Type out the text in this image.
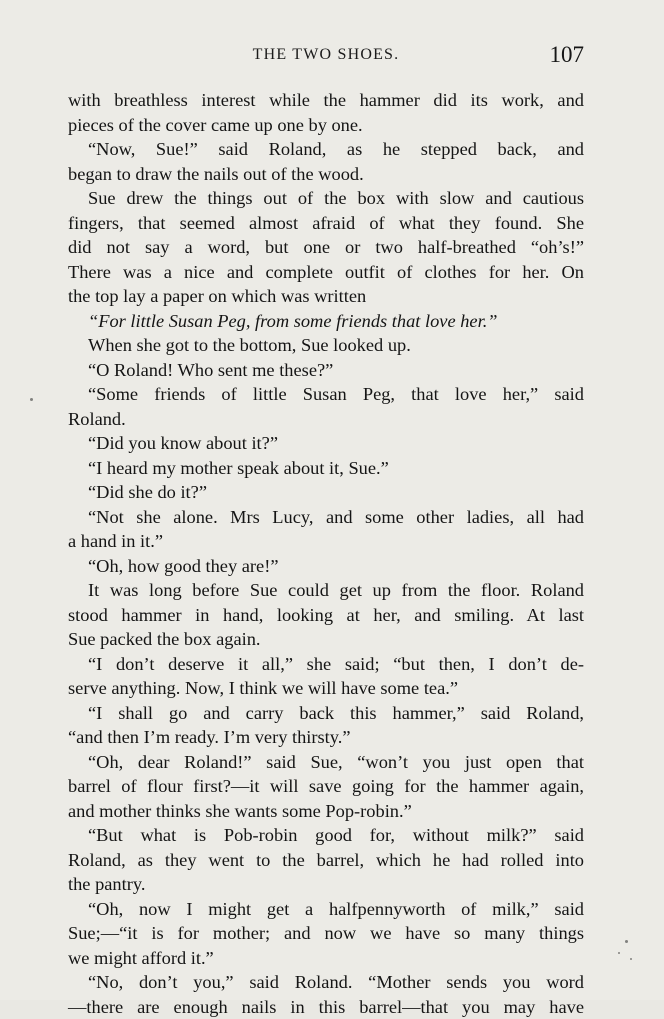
THE TWO SHOES.	107
with breathless interest while the hammer did its work, and
pieces of the cover came up one by one.
“Now, Sue!” said Roland, as he stepped back, and
began to draw the nails out of the wood.
Sue drew the things out of the box with slow and cautious
fingers, that seemed almost afraid of what they found. She
did not say a word, but one or two half-breathed “oh’s!”
There was a nice and complete outfit of clothes for her. On
the top lay a paper on which was written
“For little Susan Peg, from some friends that love her.”
When she got to the bottom, Sue looked up.
“O Roland! Who sent me these?”
“Some friends of little Susan Peg, that love her,” said
Roland.
“Did you know about it?”
“I heard my mother speak about it, Sue.”
“Did she do it?”
“Not she alone. Mrs Lucy, and some other ladies, all had
a hand in it.”
“Oh, how good they are!”
It was long before Sue could get up from the floor. Roland
stood hammer in hand, looking at her, and smiling. At last
Sue packed the box again.
“I don’t deserve it all,” she said; “but then, I don’t de-
serve anything. Now, I think we will have some tea.”
“I shall go and carry back this hammer,” said Roland,
“and then I’m ready. I’m very thirsty.”
“Oh, dear Roland!” said Sue, “won’t you just open that
barrel of flour first?—it will save going for the hammer again,
and mother thinks she wants some Pop-robin.”
“But what is Pob-robin good for, without milk?” said
Roland, as they went to the barrel, which he had rolled into
the pantry.
“Oh, now I might get a halfpennyworth of milk,” said
Sue;—“it is for mother; and now we have so many things
we might afford it.”
“No, don’t you,” said Roland. “Mother sends you word
—there are enough nails in this barrel—that you may have
